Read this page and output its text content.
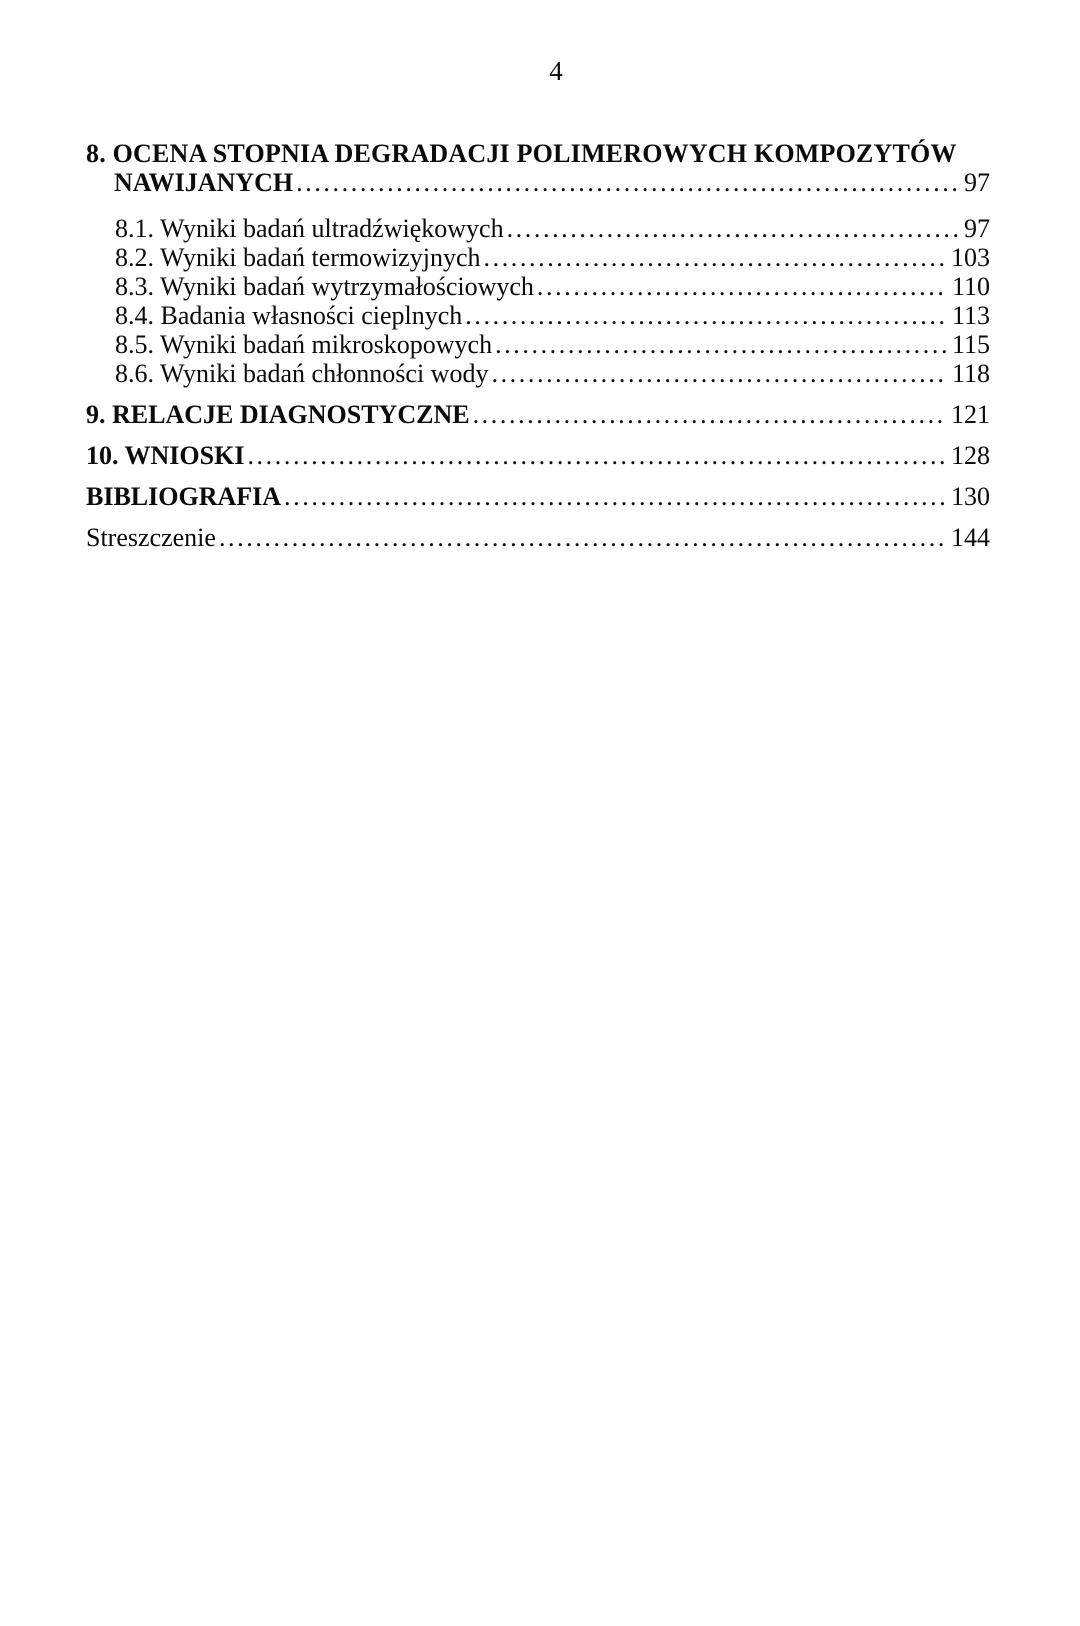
4
8. OCENA STOPNIA DEGRADACJI POLIMEROWYCH KOMPOZYTÓW
NAWIJANYCH .....	97
8.1. Wyniki badań ultradźwiękowych .....	97
8.2. Wyniki badań termowizyjnych .....	103
8.3. Wyniki badań wytrzymałościowych .....	110
8.4. Badania własności cieplnych .....	113
8.5. Wyniki badań mikroskopowych .....	115
8.6. Wyniki badań chłonności wody .....	118
9. RELACJE DIAGNOSTYCZNE .....	121
10. WNIOSKI .....	128
BIBLIOGRAFIA .....	130
Streszczenie .....	144
